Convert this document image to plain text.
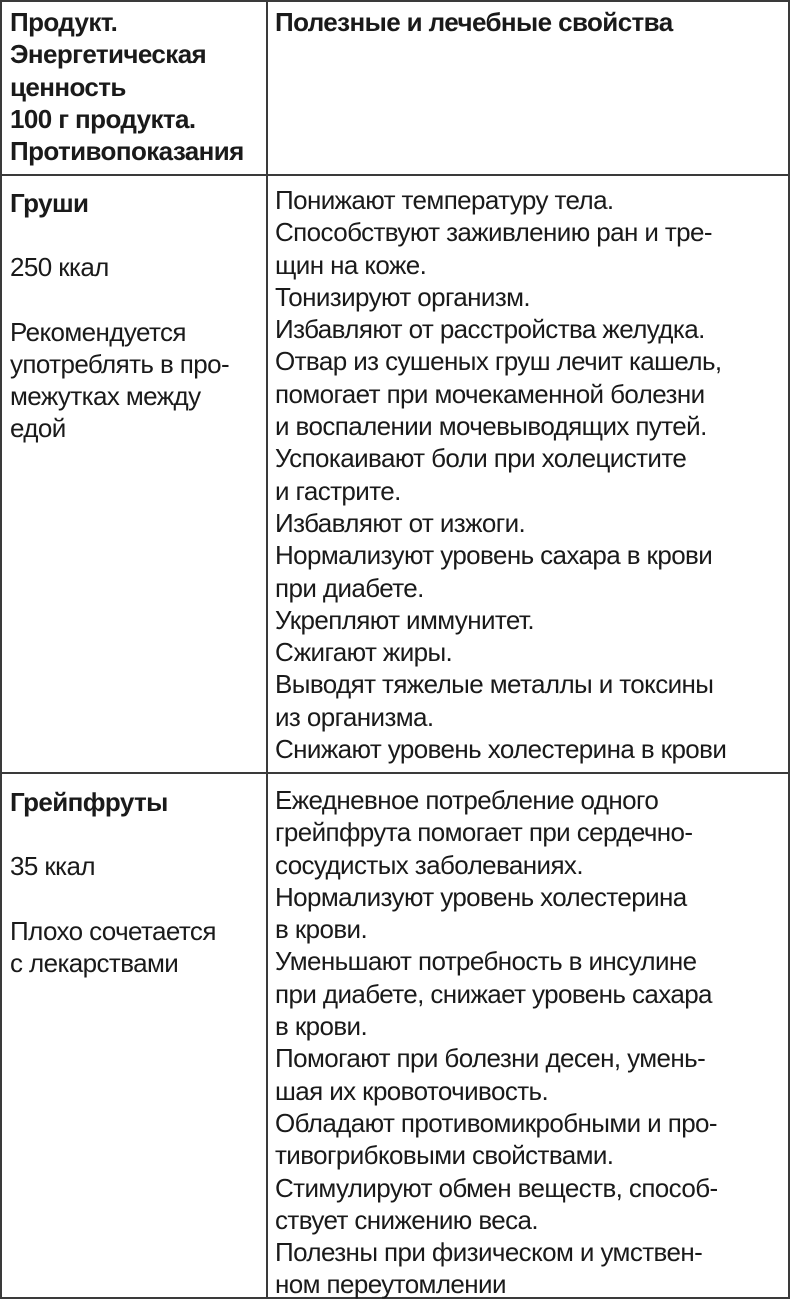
Продукт.
Энергетическая
ценность
100 г продукта.
Противопоказания
Полезные и лечебные свойства
Груши
250 ккал
Рекомендуется
употреблять в про-
межутках между
едой
Понижают температуру тела.
Способствуют заживлению ран и тре-
щин на коже.
Тонизируют организм.
Избавляют от расстройства желудка.
Отвар из сушеных груш лечит кашель,
помогает при мочекаменной болезни
и воспалении мочевыводящих путей.
Успокаивают боли при холецистите
и гастрите.
Избавляют от изжоги.
Нормализуют уровень сахара в крови
при диабете.
Укрепляют иммунитет.
Сжигают жиры.
Выводят тяжелые металлы и токсины
из организма.
Снижают уровень холестерина в крови
Грейпфруты
35 ккал
Плохо сочетается
с лекарствами
Ежедневное потребление одного
грейпфрута помогает при сердечно-
сосудистых заболеваниях.
Нормализуют уровень холестерина
в крови.
Уменьшают потребность в инсулине
при диабете, снижает уровень сахара
в крови.
Помогают при болезни десен, умень-
шая их кровоточивость.
Обладают противомикробными и про-
тивогрибковыми свойствами.
Стимулируют обмен веществ, способ-
ствует снижению веса.
Полезны при физическом и умствен-
ном переутомлении
